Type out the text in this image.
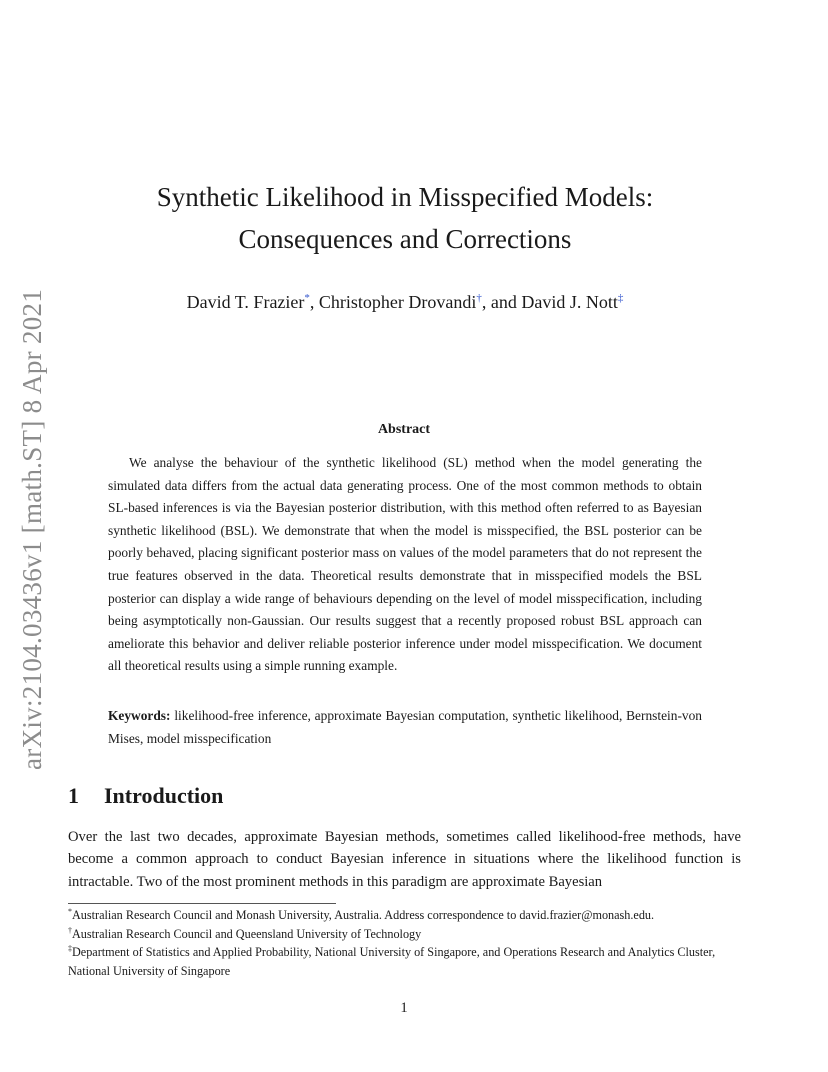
arXiv:2104.03436v1 [math.ST] 8 Apr 2021
Synthetic Likelihood in Misspecified Models:
Consequences and Corrections
David T. Frazier*, Christopher Drovandi†, and David J. Nott‡
Abstract

We analyse the behaviour of the synthetic likelihood (SL) method when the model generating the simulated data differs from the actual data generating process. One of the most common methods to obtain SL-based inferences is via the Bayesian posterior distribution, with this method often referred to as Bayesian synthetic likelihood (BSL). We demonstrate that when the model is misspecified, the BSL posterior can be poorly behaved, placing significant posterior mass on values of the model parameters that do not represent the true features observed in the data. Theoretical results demonstrate that in misspecified models the BSL posterior can display a wide range of behaviours depending on the level of model misspecification, including being asymptotically non-Gaussian. Our results suggest that a recently proposed robust BSL approach can ameliorate this behavior and deliver reliable posterior inference under model misspecification. We document all theoretical results using a simple running example.

Keywords: likelihood-free inference, approximate Bayesian computation, synthetic likelihood, Bernstein-von Mises, model misspecification

1 Introduction

Over the last two decades, approximate Bayesian methods, sometimes called likelihood-free methods, have become a common approach to conduct Bayesian inference in situations where the likelihood function is intractable. Two of the most prominent methods in this paradigm are approximate Bayesian

*Australian Research Council and Monash University, Australia. Address correspondence to david.frazier@monash.edu.

†Australian Research Council and Queensland University of Technology

‡Department of Statistics and Applied Probability, National University of Singapore, and Operations Research and Analytics Cluster, National University of Singapore

1
